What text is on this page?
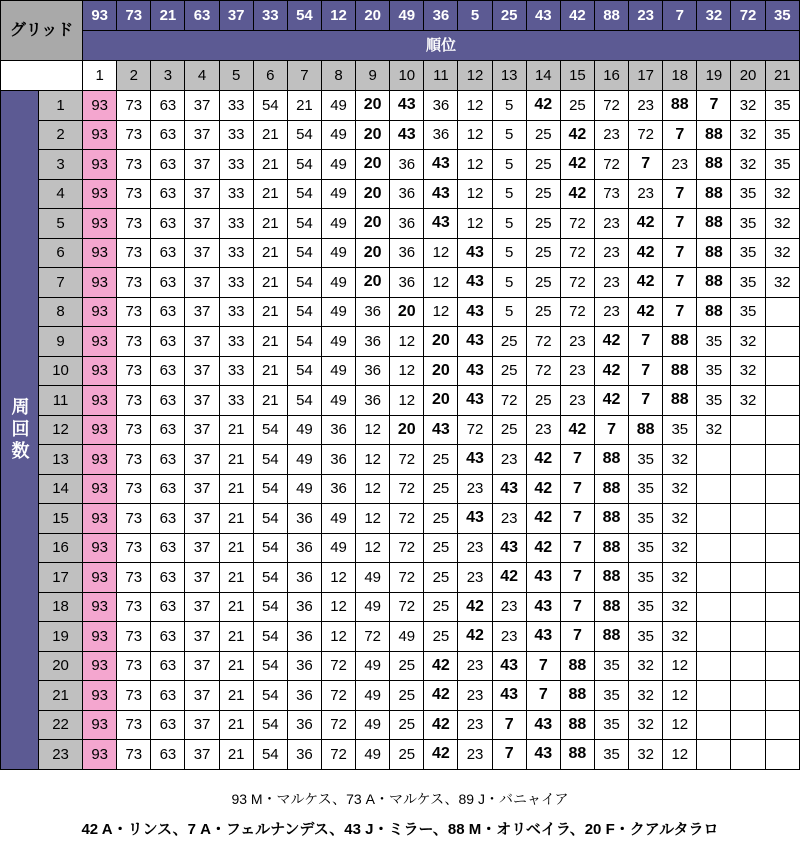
グリッド		93	73	21	63	37	33	54	12	20	49	36	5	25	43	42	88	23	7	32	72	35
		順位																				
		1	2	3	4	5	6	7	8	9	10	11	12	13	14	15	16	17	18	19	20	21
周回数	1	93	73	63	37	33	54	21	49	20	43	36	12	5	42	25	72	23	88	7	32	35
	2	93	73	63	37	33	21	54	49	20	43	36	12	5	25	42	23	72	7	88	32	35
	3	93	73	63	37	33	21	54	49	20	36	43	12	5	25	42	72	7	23	88	32	35
	4	93	73	63	37	33	21	54	49	20	36	43	12	5	25	42	73	23	7	88	35	32
	5	93	73	63	37	33	21	54	49	20	36	43	12	5	25	72	23	42	7	88	35	32
	6	93	73	63	37	33	21	54	49	20	36	12	43	5	25	72	23	42	7	88	35	32
	7	93	73	63	37	33	21	54	49	20	36	12	43	5	25	72	23	42	7	88	35	32
	8	93	73	63	37	33	21	54	49	36	20	12	43	5	25	72	23	42	7	88	35	
	9	93	73	63	37	33	21	54	49	36	12	20	43	25	72	23	42	7	88	35	32	
	10	93	73	63	37	33	21	54	49	36	12	20	43	25	72	23	42	7	88	35	32	
	11	93	73	63	37	33	21	54	49	36	12	20	43	72	25	23	42	7	88	35	32	
	12	93	73	63	37	21	54	49	36	12	20	43	72	25	23	42	7	88	35	32		
	13	93	73	63	37	21	54	49	36	12	72	25	43	23	42	7	88	35	32			
	14	93	73	63	37	21	54	49	36	12	72	25	23	43	42	7	88	35	32			
	15	93	73	63	37	21	54	36	49	12	72	25	43	23	42	7	88	35	32			
	16	93	73	63	37	21	54	36	49	12	72	25	23	43	42	7	88	35	32			
	17	93	73	63	37	21	54	36	12	49	72	25	23	42	43	7	88	35	32			
	18	93	73	63	37	21	54	36	12	49	72	25	42	23	43	7	88	35	32			
	19	93	73	63	37	21	54	36	12	72	49	25	42	23	43	7	88	35	32			
	20	93	73	63	37	21	54	36	72	49	25	42	23	43	7	88	35	32	12			
	21	93	73	63	37	21	54	36	72	49	25	42	23	43	7	88	35	32	12			
	22	93	73	63	37	21	54	36	72	49	25	42	23	7	43	88	35	32	12			
	23	93	73	63	37	21	54	36	72	49	25	42	23	7	43	88	35	32	12			
93 M・マルケス、73 A・マルケス、89 J・バニャイア
42 A・リンス、7 A・フェルナンデス、43 J・ミラー、88 M・オリベイラ、20 F・クアルタラロ
